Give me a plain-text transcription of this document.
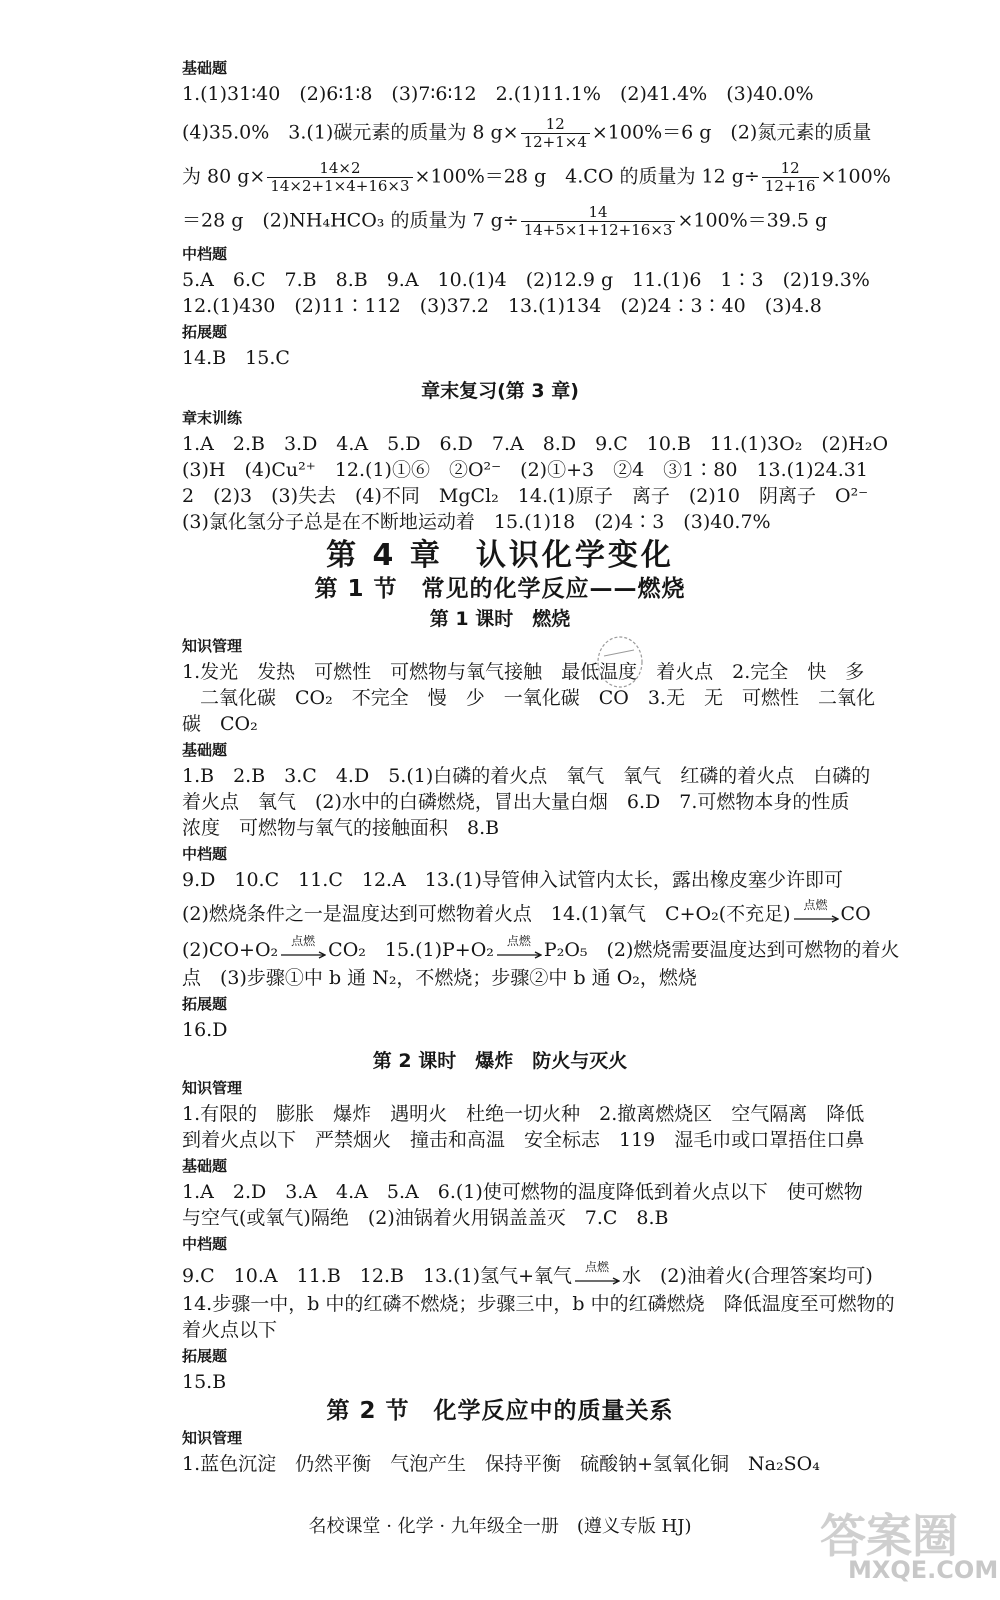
基础题
1.(1)31∶40　(2)6∶1∶8　(3)7∶6∶12　2.(1)11.1%　(2)41.4%　(3)40.0%
(4)35.0%　3.(1)碳元素的质量为 8 $g\times \frac{12}{12+1\times 4} \times 100\%=6$ g　(2)氮元素的质量
为 80 $g\times \frac{14\times 2}{14\times 2+1\times 4+16\times 3} \times 100\%=28$ g　4.CO 的质量为 12 $g\div \frac{12}{12+16} \times 100\%$
＝28 g　(2)NH₄HCO₃ 的质量为 7 $g\div \frac{14}{14+5\times 1+12+16\times 3} \times 100\%=39.5$ g
中档题
5.A　6.C　7.B　8.B　9.A　10.(1)4　(2)12.9 g　11.(1)6　1∶3　(2)19.3%
12.(1)430　(2)11∶112　(3)37.2　13.(1)134　(2)24∶3∶40　(3)4.8
拓展题
14.B　15.C
章末复习(第 3 章)
章末训练
1.A　2.B　3.D　4.A　5.D　6.D　7.A　8.D　9.C　10.B　11.(1)3O₂　(2)H₂O
(3)H　(4)Cu²⁺　12.(1)①⑥　②O²⁻　(2)①+3　②4　③1∶80　13.(1)24.31
2　(2)3　(3)失去　(4)不同　MgCl₂　14.(1)原子　离子　(2)10　阴离子　O²⁻
(3)氯化氢分子总是在不断地运动着　15.(1)18　(2)4∶3　(3)40.7%
第 4 章　认识化学变化
第 1 节　常见的化学反应——燃烧
第 1 课时　燃烧
知识管理
1.发光　发热　可燃性　可燃物与氧气接触　最低温度　着火点　2.完全　快　多
二氧化碳　CO₂　不完全　慢　少　一氧化碳　CO　3.无　无　可燃性　二氧化
碳　CO₂
基础题
1.B　2.B　3.C　4.D　5.(1)白磷的着火点　氧气　氧气　红磷的着火点　白磷的
着火点　氧气　(2)水中的白磷燃烧，冒出大量白烟　6.D　7.可燃物本身的性质
浓度　可燃物与氧气的接触面积　8.B
中档题
9.D　10.C　11.C　12.A　13.(1)导管伸入试管内太长，露出橡皮塞少许即可
(2)燃烧条件之一是温度达到可燃物着火点　14.(1)氧气　C+O₂(不充足)	点燃 CO
(2)CO+O₂	点燃 CO₂　15.(1)P+O₂	点燃 P₂O₅　(2)燃烧需要温度达到可燃物的着火
点　(3)步骤①中 b 通 N₂，不燃烧；步骤②中 b 通 O₂，燃烧
拓展题
16.D
第 2 课时　爆炸　防火与灭火
知识管理
1.有限的　膨胀　爆炸　遇明火　杜绝一切火种　2.撤离燃烧区　空气隔离　降低
到着火点以下　严禁烟火　撞击和高温　安全标志　119　湿毛巾或口罩捂住口鼻
基础题
1.A　2.D　3.A　4.A　5.A　6.(1)使可燃物的温度降低到着火点以下　使可燃物
与空气(或氧气)隔绝　(2)油锅着火用锅盖盖灭　7.C　8.B
中档题
9.C　10.A　11.B　12.B　13.(1)氢气+氧气	点燃 水　(2)油着火(合理答案均可)
14.步骤一中，b 中的红磷不燃烧；步骤三中，b 中的红磷燃烧　降低温度至可燃物的
着火点以下
拓展题
15.B
第 2 节　化学反应中的质量关系
知识管理
1.蓝色沉淀　仍然平衡　气泡产生　保持平衡　硫酸钠+氢氧化铜　Na₂SO₄
名校课堂 · 化学 · 九年级全一册　(遵义专版 HJ)	答案圈
MXQE.COM
